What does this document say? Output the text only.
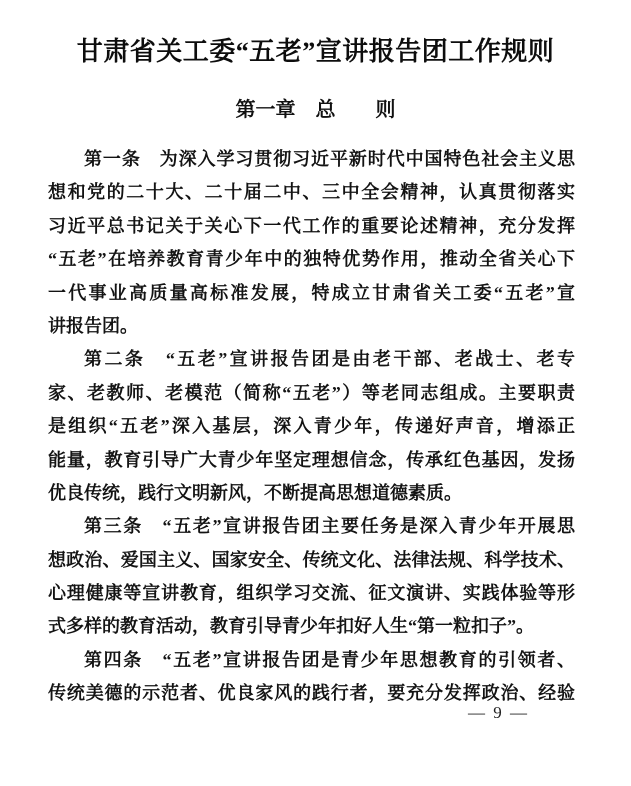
甘肃省关工委“五老”宣讲报告团工作规则
第一章　总　　则
第一条　为深入学习贯彻习近平新时代中国特色社会主义思
想和党的二十大、二十届二中、三中全会精神，认真贯彻落实
习近平总书记关于关心下一代工作的重要论述精神，充分发挥
“五老”在培养教育青少年中的独特优势作用，推动全省关心下
一代事业高质量高标准发展，特成立甘肃省关工委“五老”宣
讲报告团。
第二条　“五老”宣讲报告团是由老干部、老战士、老专
家、老教师、老模范（简称“五老”）等老同志组成。主要职责
是组织“五老”深入基层，深入青少年，传递好声音，增添正
能量，教育引导广大青少年坚定理想信念，传承红色基因，发扬
优良传统，践行文明新风，不断提高思想道德素质。
第三条　“五老”宣讲报告团主要任务是深入青少年开展思
想政治、爱国主义、国家安全、传统文化、法律法规、科学技术、
心理健康等宣讲教育，组织学习交流、征文演讲、实践体验等形
式多样的教育活动，教育引导青少年扣好人生“第一粒扣子”。
第四条　“五老”宣讲报告团是青少年思想教育的引领者、
传统美德的示范者、优良家风的践行者，要充分发挥政治、经验
— 9 —
